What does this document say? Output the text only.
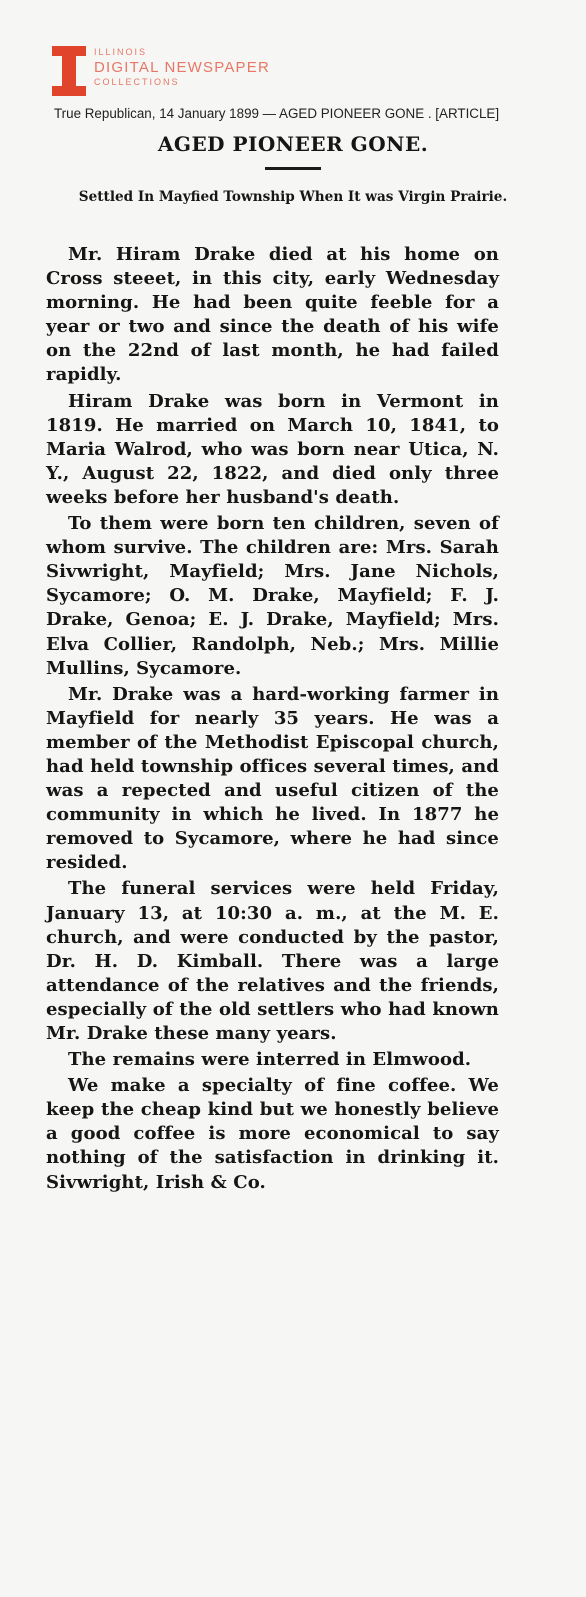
ILLINOIS
DIGITAL NEWSPAPER
COLLECTIONS
True Republican, 14 January 1899 — AGED PIONEER GONE . [ARTICLE]
AGED PIONEER GONE.
Settled In Mayfied Township When It was Virgin Prairie.

Mr. Hiram Drake died at his home on Cross steeet, in this city, early Wednesday morning. He had been quite feeble for a year or two and since the death of his wife on the 22nd of last month, he had failed rapidly.

Hiram Drake was born in Vermont in 1819. He married on March 10, 1841, to Maria Walrod, who was born near Utica, N. Y., August 22, 1822, and died only three weeks before her husband's death.

To them were born ten children, seven of whom survive. The children are: Mrs. Sarah Sivwright, Mayfield; Mrs. Jane Nichols, Sycamore; O. M. Drake, Mayfield; F. J. Drake, Genoa; E. J. Drake, Mayfield; Mrs. Elva Collier, Randolph, Neb.; Mrs. Millie Mullins, Sycamore.

Mr. Drake was a hard-working farmer in Mayfield for nearly 35 years. He was a member of the Methodist Episcopal church, had held township offices several times, and was a repected and useful citizen of the community in which he lived. In 1877 he removed to Sycamore, where he had since resided.

The funeral services were held Friday, January 13, at 10:30 a. m., at the M. E. church, and were conducted by the pastor, Dr. H. D. Kimball. There was a large attendance of the relatives and the friends, especially of the old settlers who had known Mr. Drake these many years.

The remains were interred in Elmwood.

We make a specialty of fine coffee. We keep the cheap kind but we honestly believe a good coffee is more economical to say nothing of the satisfaction in drinking it. Sivwright, Irish & Co.
